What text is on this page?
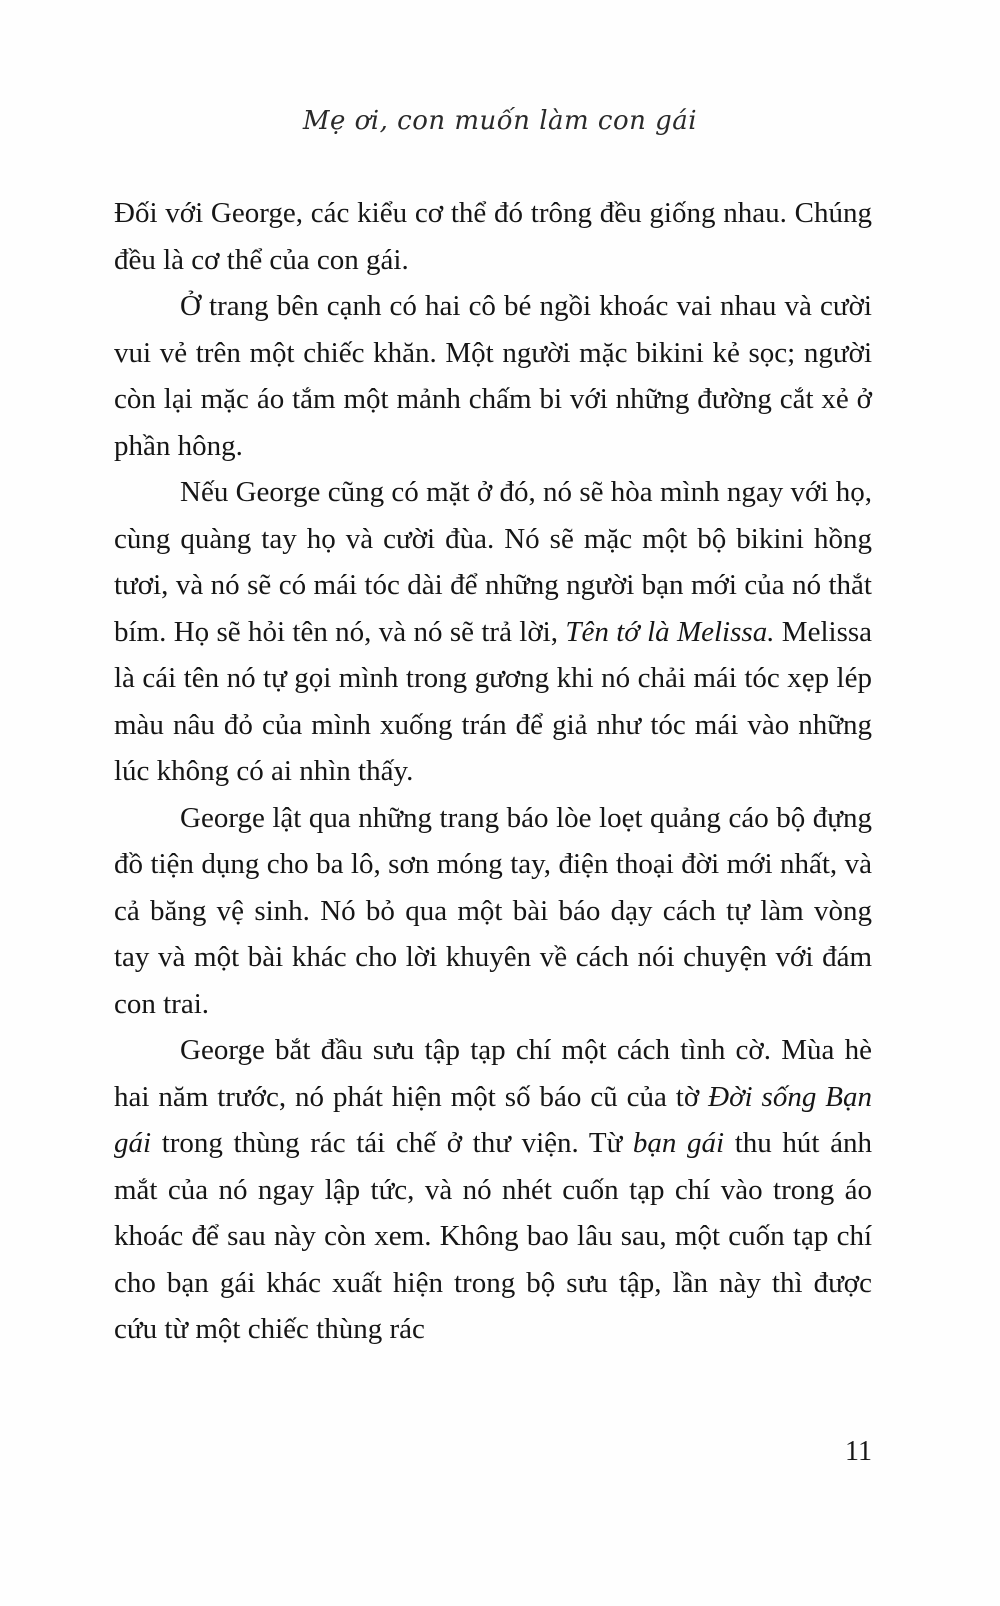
Mẹ ơi, con muốn làm con gái

Đối với George, các kiểu cơ thể đó trông đều giống nhau. Chúng đều là cơ thể của con gái.

Ở trang bên cạnh có hai cô bé ngồi khoác vai nhau và cười vui vẻ trên một chiếc khăn. Một người mặc bikini kẻ sọc; người còn lại mặc áo tắm một mảnh chấm bi với những đường cắt xẻ ở phần hông.

Nếu George cũng có mặt ở đó, nó sẽ hòa mình ngay với họ, cùng quàng tay họ và cười đùa. Nó sẽ mặc một bộ bikini hồng tươi, và nó sẽ có mái tóc dài để những người bạn mới của nó thắt bím. Họ sẽ hỏi tên nó, và nó sẽ trả lời, Tên tớ là Melissa. Melissa là cái tên nó tự gọi mình trong gương khi nó chải mái tóc xẹp lép màu nâu đỏ của mình xuống trán để giả như tóc mái vào những lúc không có ai nhìn thấy.

George lật qua những trang báo lòe loẹt quảng cáo bộ đựng đồ tiện dụng cho ba lô, sơn móng tay, điện thoại đời mới nhất, và cả băng vệ sinh. Nó bỏ qua một bài báo dạy cách tự làm vòng tay và một bài khác cho lời khuyên về cách nói chuyện với đám con trai.

George bắt đầu sưu tập tạp chí một cách tình cờ. Mùa hè hai năm trước, nó phát hiện một số báo cũ của tờ Đời sống Bạn gái trong thùng rác tái chế ở thư viện. Từ bạn gái thu hút ánh mắt của nó ngay lập tức, và nó nhét cuốn tạp chí vào trong áo khoác để sau này còn xem. Không bao lâu sau, một cuốn tạp chí cho bạn gái khác xuất hiện trong bộ sưu tập, lần này thì được cứu từ một chiếc thùng rác

11
